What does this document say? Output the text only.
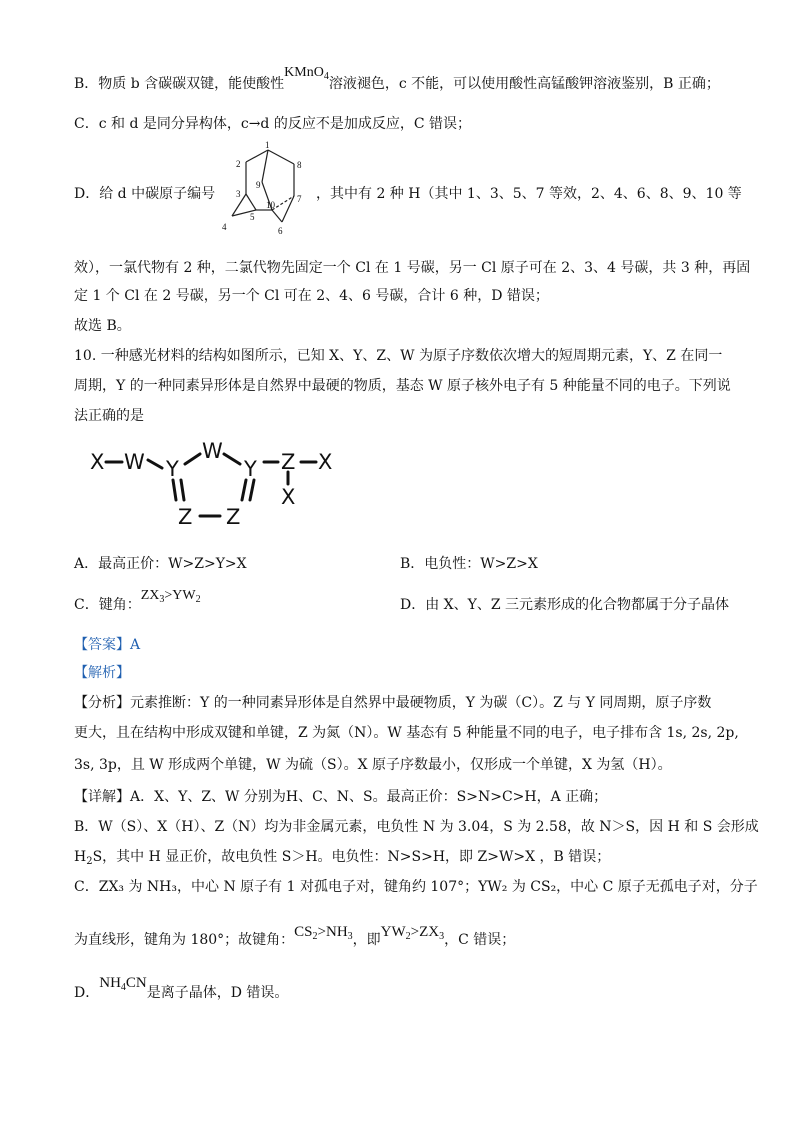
B．物质 b 含碳碳双键，能使酸性KMnO$_4$溶液褪色，c 不能，可以使用酸性高锰酸钾溶液鉴别，B 正确；
C．c 和 d 是同分异构体，c→d 的反应不是加成反应，C 错误；
D．给 d 中碳原子编号	，其中有 2 种 H（其中 1、3、5、7 等效，2、4、6、8、9、10 等
1
2
3
4
5
6
7
8
9
10
效），一氯代物有 2 种，二氯代物先固定一个 Cl 在 1 号碳，另一 Cl 原子可在 2、3、4 号碳，共 3 种，再固
定 1 个 Cl 在 2 号碳，另一个 Cl 可在 2、4、6 号碳，合计 6 种，D 错误；
故选 B。
10. 一种感光材料的结构如图所示，已知 X、Y、Z、W 为原子序数依次增大的短周期元素，Y、Z 在同一
周期，Y 的一种同素异形体是自然界中最硬的物质，基态 W 原子核外电子有 5 种能量不同的电子。下列说
法正确的是
X W Y
W
Y Z X
X
Z Z
A．最高正价：W>Z>Y>X	B．电负性：W>Z>X
C．键角：$ZX_3>YW_2$	D．由 X、Y、Z 三元素形成的化合物都属于分子晶体
【答案】A
【解析】
【分析】元素推断：Y 的一种同素异形体是自然界中最硬物质，Y 为碳（C）。Z 与 Y 同周期，原子序数
更大，且在结构中形成双键和单键，Z 为氮（N）。W 基态有 5 种能量不同的电子，电子排布含 1s, 2s, 2p,
3s, 3p，且 W 形成两个单键，W 为硫（S）。X 原子序数最小，仅形成一个单键，X 为氢（H）。
【详解】A．X、Y、Z、W 分别为H、C、N、S。最高正价：S>N>C>H，A 正确；
B．W（S）、X（H）、Z（N）均为非金属元素，电负性 N 为 3.04，S 为 2.58，故 N＞S，因 H 和 S 会形成
$H_2S$，其中 H 显正价，故电负性 S＞H。电负性：N>S>H，即 Z>W>X ，B 错误；
C．ZX₃ 为 NH₃，中心 N 原子有 1 对孤电子对，键角约 107°；YW₂ 为 CS₂，中心 C 原子无孤电子对，分子
为直线形，键角为 180°；故键角：$CS_2>NH_3$，即$YW_2>ZX_3$，C 错误；
D．$NH_4CN$是离子晶体，D 错误。
